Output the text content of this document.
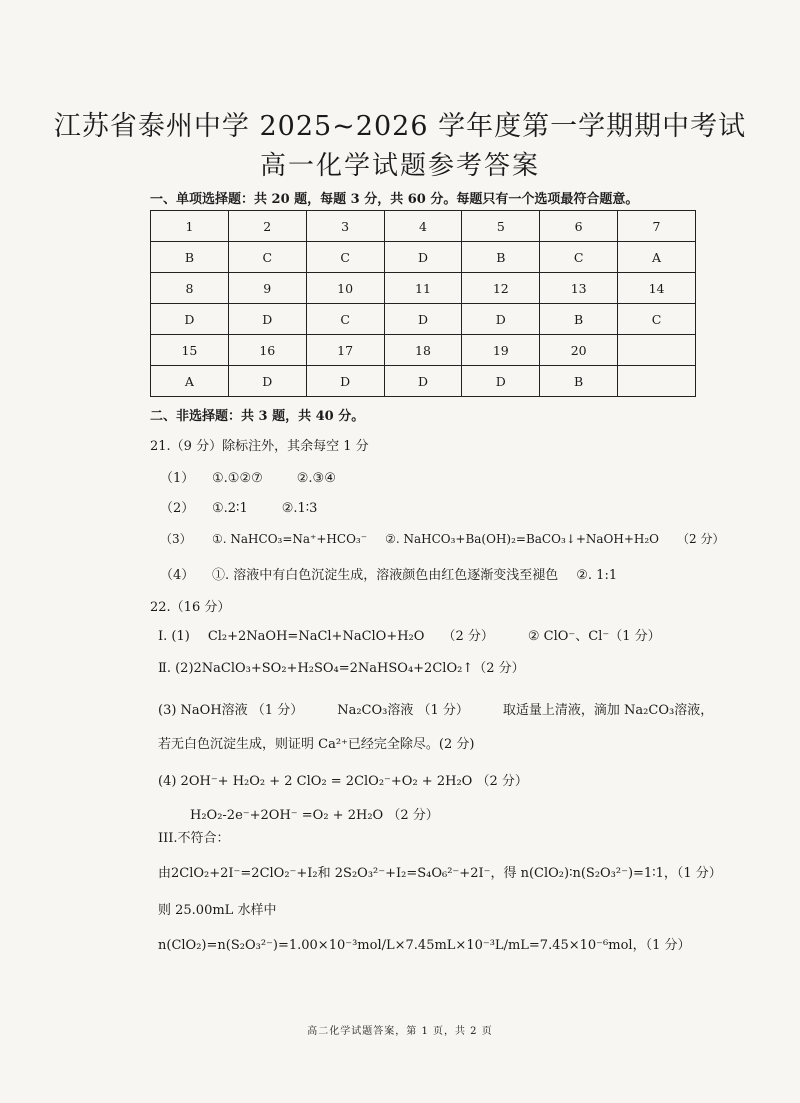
江苏省泰州中学 2025~2026 学年度第一学期期中考试
高一化学试题参考答案
一、单项选择题：共 20 题，每题 3 分，共 60 分。每题只有一个选项最符合题意。
1	2	3	4	5	6	7
B	C	C	D	B	C	A
8	9	10	11	12	13	14
D	D	C	D	D	B	C
15	16	17	18	19	20	
A	D	D	D	D	B	
二、非选择题：共 3 题，共 40 分。
21.（9 分）除标注外，其余每空 1 分
（1） ①.①②⑦	②.③④
（2） ①.2∶1	②.1∶3
（3） ①. NaHCO₃=Na⁺+HCO₃⁻ ②. NaHCO₃+Ba(OH)₂=BaCO₃↓+NaOH+H₂O （2 分）
（4） ①. 溶液中有白色沉淀生成，溶液颜色由红色逐渐变浅至褪色 ②. 1:1
22.（16 分）
Ⅰ. (1) Cl₂+2NaOH=NaCl+NaClO+H₂O （2 分）	② ClO⁻、Cl⁻（1 分）
Ⅱ. (2)2NaClO₃+SO₂+H₂SO₄=2NaHSO₄+2ClO₂↑（2 分）
(3) NaOH溶液 （1 分）	Na₂CO₃溶液 （1 分）	取适量上清液，滴加 Na₂CO₃溶液，
若无白色沉淀生成，则证明 Ca²⁺已经完全除尽。(2 分)
(4) 2OH⁻+ H₂O₂ + 2 ClO₂ = 2ClO₂⁻+O₂ + 2H₂O （2 分）
H₂O₂-2e⁻+2OH⁻ =O₂ + 2H₂O （2 分）
III.不符合：
由2ClO₂+2I⁻=2ClO₂⁻+I₂和 2S₂O₃²⁻+I₂=S₄O₆²⁻+2I⁻，得 n(ClO₂)∶n(S₂O₃²⁻)=1∶1，（1 分）
则 25.00mL 水样中
n(ClO₂)=n(S₂O₃²⁻)=1.00×10⁻³mol/L×7.45mL×10⁻³L/mL=7.45×10⁻⁶mol，（1 分）
高二化学试题答案，第 1 页，共 2 页
